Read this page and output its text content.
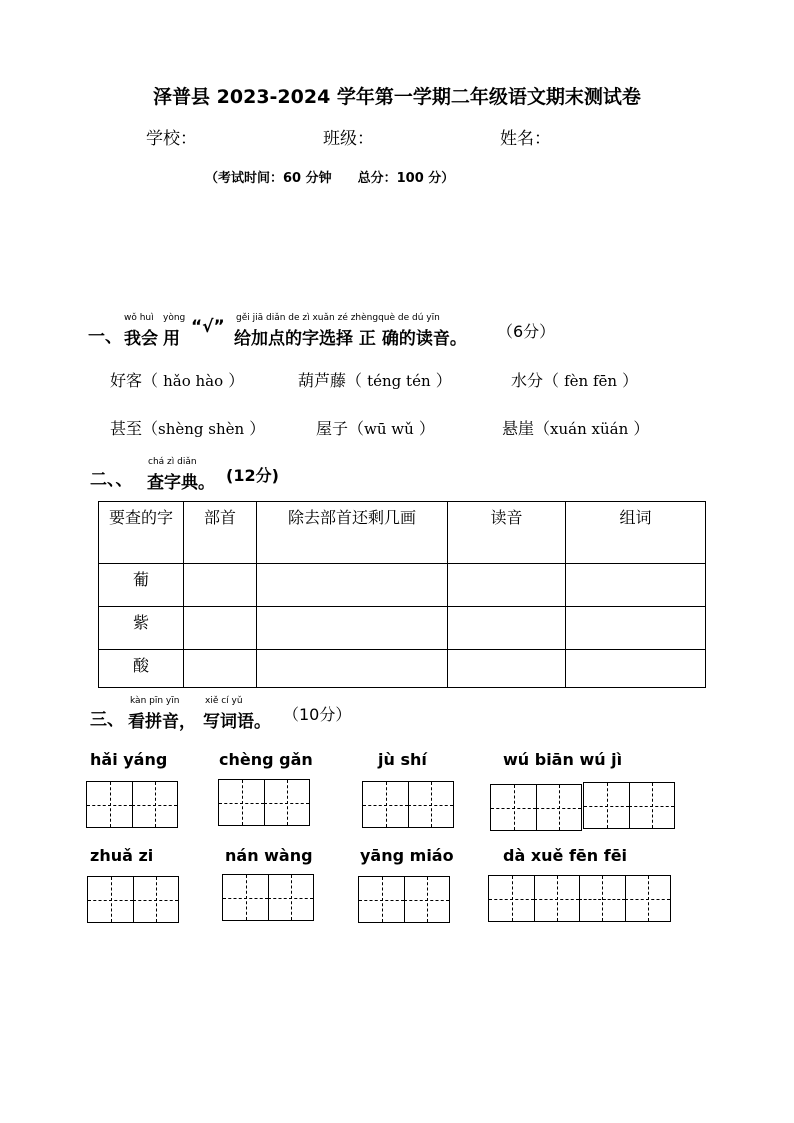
泽普县 2023-2024 学年第一学期二年级语文期末测试卷
学校：	班级：	姓名：
（考试时间：60 分钟　　总分：100 分）
一、
wǒ huì
我会
yòng
用
“√” gěi jiā diǎn de zì xuǎn zé zhèngquè de dú yīn
给加点的字选择 正 确的读音。 （6分）
好客（ hǎo hào ）	葫芦藤（ téng tén ）	水分（ fèn fēn ）
甚至（shèng shèn ）	屋子（wū wǔ ）	悬崖（xuán xüán ）
二、、
chá zì diǎn
查字典。 (12分)
要查的字	部首	除去部首还剩几画	读音	组词
葡				
紫				
酸				
三、
kàn pīn yīn
看拼音，
xiě cí yǔ
写词语。 （10分）
hǎi yáng	chèng gǎn	jù shí	wú biān wú jì
zhuǎ zi	nán wàng	yāng miáo	dà xuě fēn fēi
